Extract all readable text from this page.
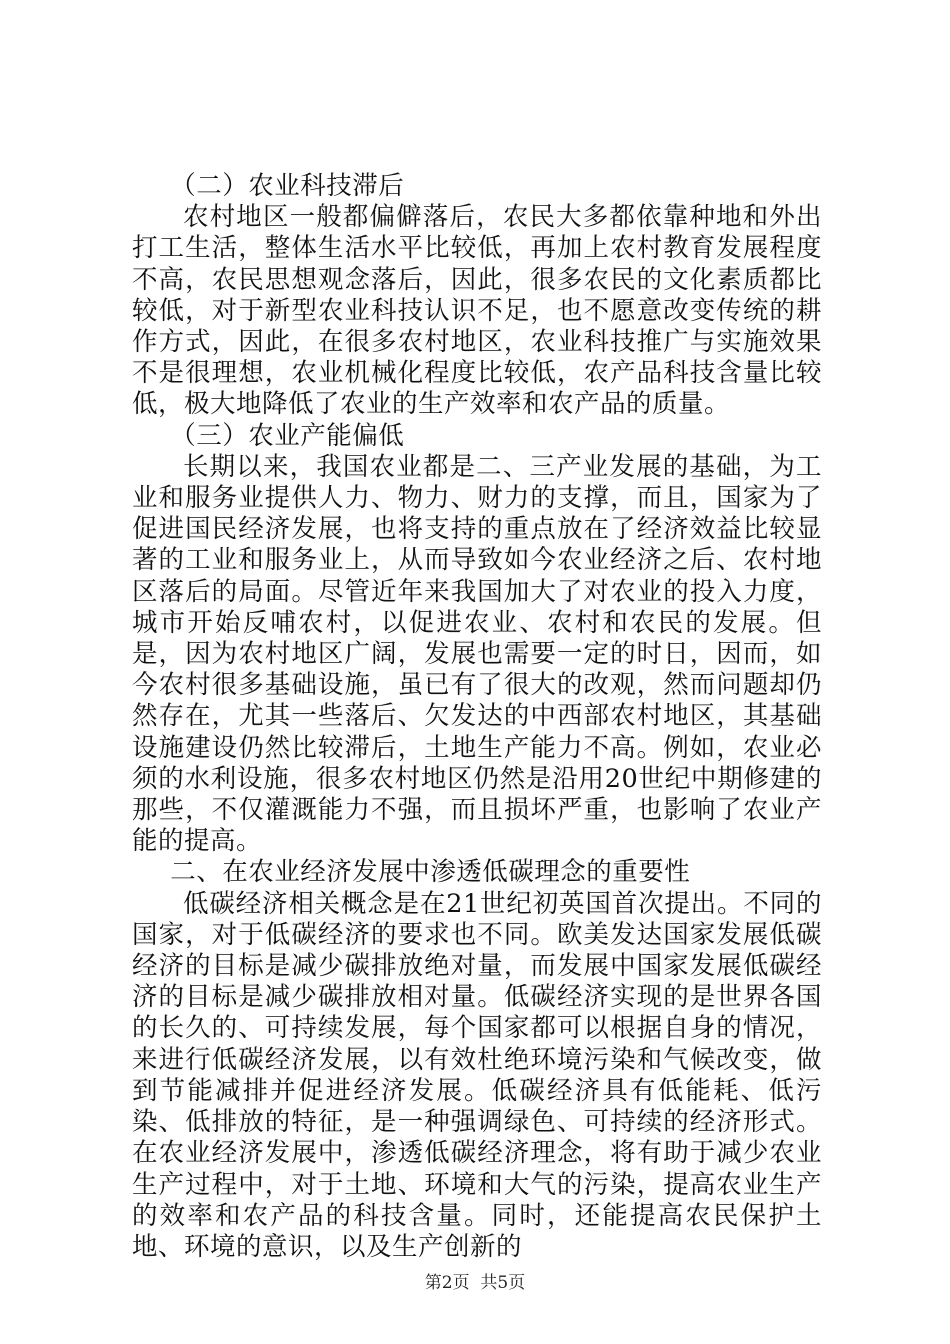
（二）农业科技滞后

农村地区一般都偏僻落后，农民大多都依靠种地和外出打工生活，整体生活水平比较低，再加上农村教育发展程度不高，农民思想观念落后，因此，很多农民的文化素质都比较低，对于新型农业科技认识不足，也不愿意改变传统的耕作方式，因此，在很多农村地区，农业科技推广与实施效果不是很理想，农业机械化程度比较低，农产品科技含量比较低，极大地降低了农业的生产效率和农产品的质量。

（三）农业产能偏低

长期以来，我国农业都是二、三产业发展的基础，为工业和服务业提供人力、物力、财力的支撑，而且，国家为了促进国民经济发展，也将支持的重点放在了经济效益比较显著的工业和服务业上，从而导致如今农业经济之后、农村地区落后的局面。尽管近年来我国加大了对农业的投入力度，城市开始反哺农村，以促进农业、农村和农民的发展。但是，因为农村地区广阔，发展也需要一定的时日，因而，如今农村很多基础设施，虽已有了很大的改观，然而问题却仍然存在，尤其一些落后、欠发达的中西部农村地区，其基础设施建设仍然比较滞后，土地生产能力不高。例如，农业必须的水利设施，很多农村地区仍然是沿用20世纪中期修建的那些，不仅灌溉能力不强，而且损坏严重，也影响了农业产能的提高。

二、在农业经济发展中渗透低碳理念的重要性

低碳经济相关概念是在21世纪初英国首次提出。不同的国家，对于低碳经济的要求也不同。欧美发达国家发展低碳经济的目标是减少碳排放绝对量，而发展中国家发展低碳经济的目标是减少碳排放相对量。低碳经济实现的是世界各国的长久的、可持续发展，每个国家都可以根据自身的情况，来进行低碳经济发展，以有效杜绝环境污染和气候改变，做到节能减排并促进经济发展。低碳经济具有低能耗、低污染、低排放的特征，是一种强调绿色、可持续的经济形式。在农业经济发展中，渗透低碳经济理念，将有助于减少农业生产过程中，对于土地、环境和大气的污染，提高农业生产的效率和农产品的科技含量。同时，还能提高农民保护土地、环境的意识，以及生产创新的

第2页  共5页
